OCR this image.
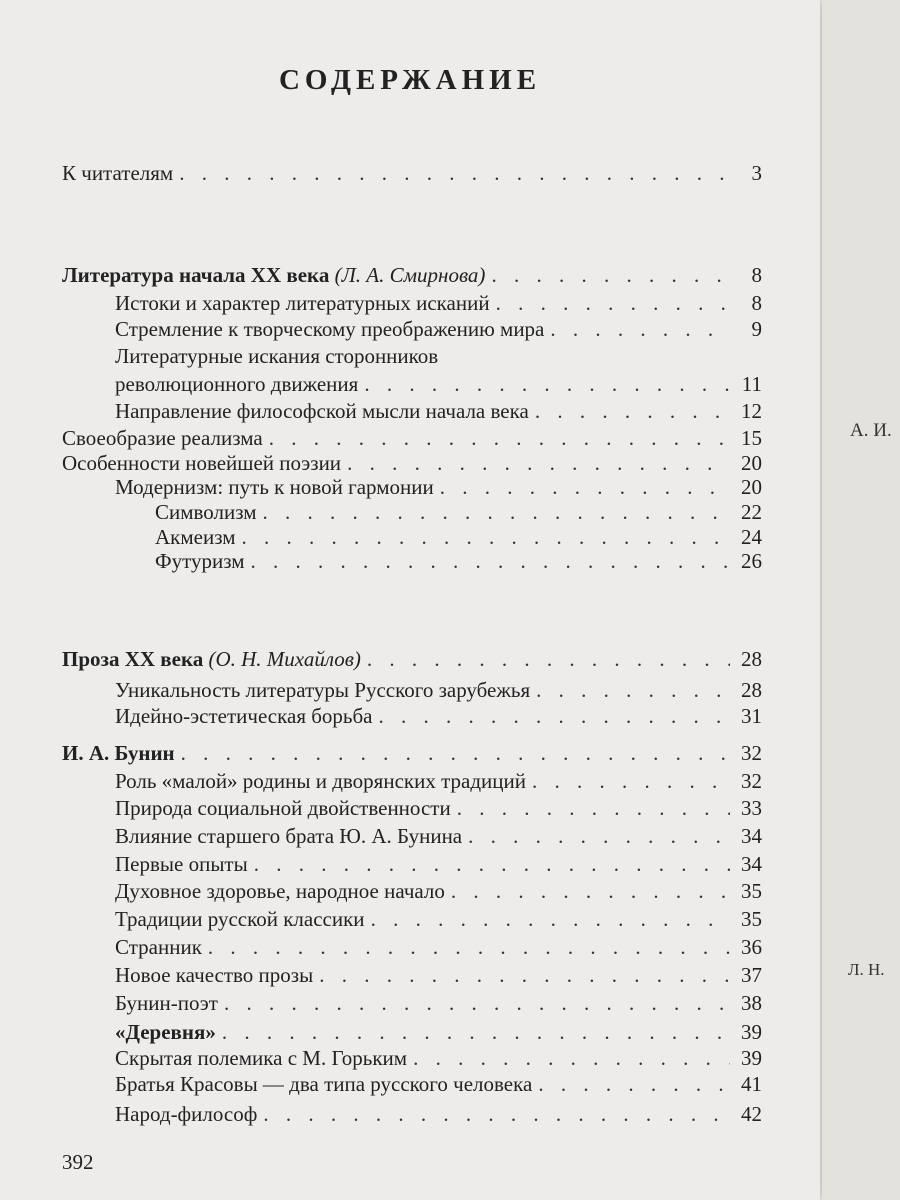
СОДЕРЖАНИЕ
К читателям . . .	3
Литература начала XX века (Л. А. Смирнова) . . .	8
Истоки и характер литературных исканий . . .	8
Стремление к творческому преображению мира . . .	9
Литературные искания сторонников
революционного движения . . .	11
Направление философской мысли начала века . . .	12
Своеобразие реализма . . .	15
Особенности новейшей поэзии . . .	20
Модернизм: путь к новой гармонии . . .	20
Символизм . . .	22
Акмеизм . . .	24
Футуризм . . .	26
Проза XX века (О. Н. Михайлов) . . .	28
Уникальность литературы Русского зарубежья . . .	28
Идейно-эстетическая борьба . . .	31
И. А. Бунин . . .	32
Роль «малой» родины и дворянских традиций . . .	32
Природа социальной двойственности . . .	33
Влияние старшего брата Ю. А. Бунина . . .	34
Первые опыты . . .	34
Духовное здоровье, народное начало . . .	35
Традиции русской классики . . .	35
Странник . . .	36
Новое качество прозы . . .	37
Бунин-поэт . . .	38
«Деревня» . . .	39
Скрытая полемика с М. Горьким . . .	39
Братья Красовы — два типа русского человека . . .	41
Народ-философ . . .	42
392
А. И.
Л. Н.
